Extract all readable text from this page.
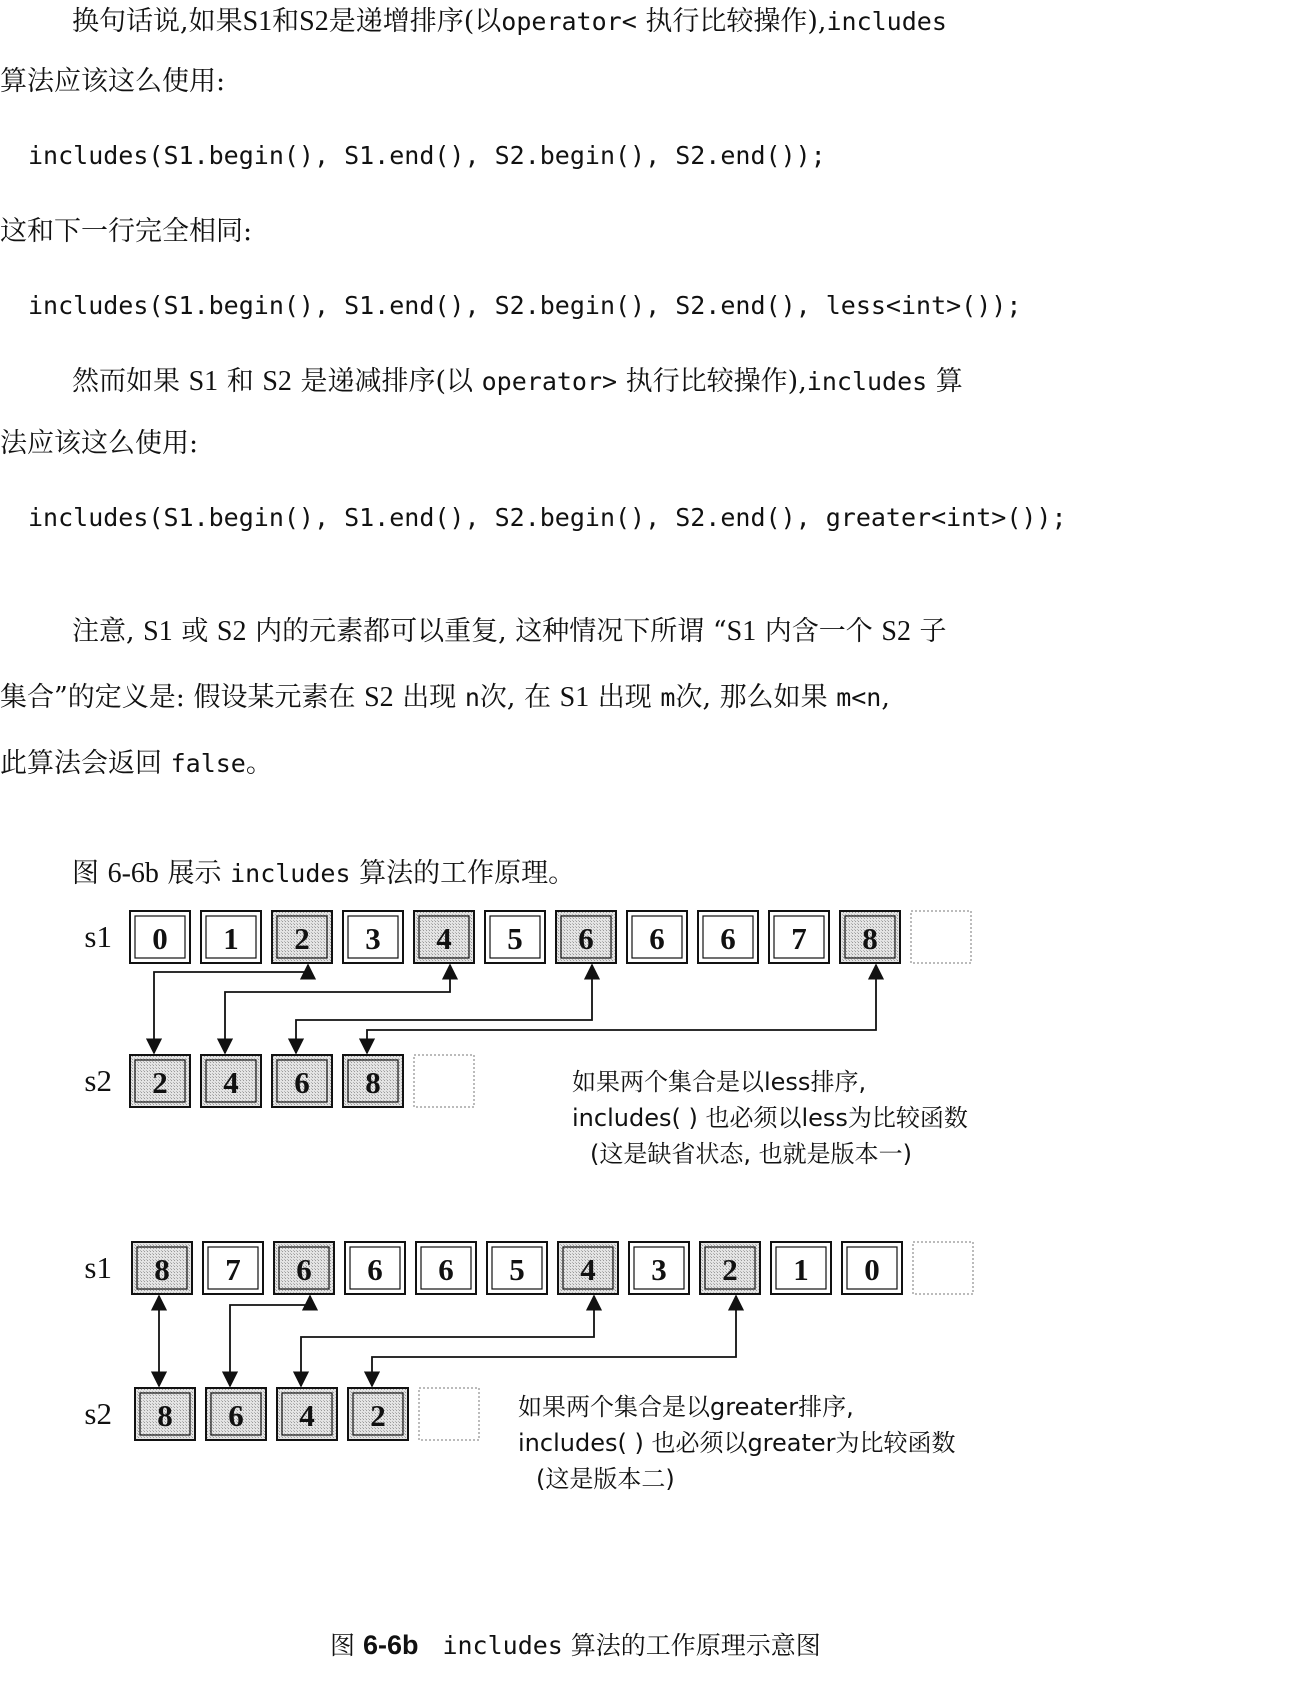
换句话说,如果S1和S2是递增排序(以operator< 执行比较操作),includes
算法应该这么使用:
includes(S1.begin(), S1.end(), S2.begin(), S2.end());
这和下一行完全相同:
includes(S1.begin(), S1.end(), S2.begin(), S2.end(), less<int>());
然而如果 S1 和 S2 是递减排序(以 operator> 执行比较操作),includes 算
法应该这么使用:
includes(S1.begin(), S1.end(), S2.begin(), S2.end(), greater<int>());
注意, S1 或 S2 内的元素都可以重复, 这种情况下所谓 “S1 内含一个 S2 子
集合”的定义是: 假设某元素在 S2 出现 n次, 在 S1 出现 m次, 那么如果 m<n,
此算法会返回 false。
图 6-6b 展示 includes 算法的工作原理。
s1
s2
0 1 2 3 4 5 6 6 6 7 8
2 4 6 8	如果两个集合是以less排序,
includes( ) 也必须以less为比较函数
(这是缺省状态, 也就是版本一)
s1
s2
8 7 6 6 6 5 4 3 2 1 0
8 6 4 2	如果两个集合是以greater排序,
includes( ) 也必须以greater为比较函数
(这是版本二)
图 6-6b includes 算法的工作原理示意图
